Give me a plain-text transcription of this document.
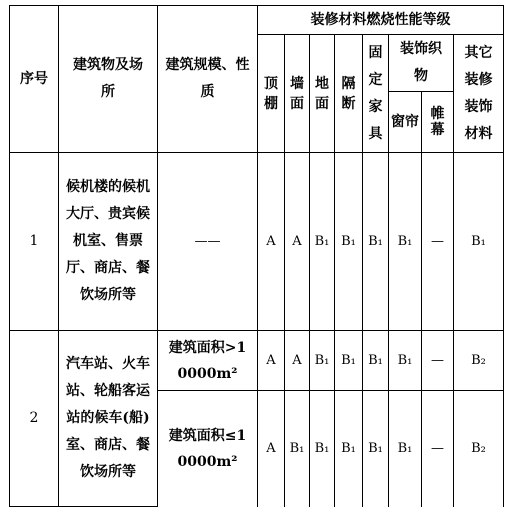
序号	建筑物及场所	建筑规模、性质	装修材料燃烧性能等级							

			顶棚	墙面	地面	隔断	固定家具	装饰织物		其它装修装饰材料

								窗帘	帷幕	

1	候机楼的候机大厅、贵宾候机室、售票厅、商店、餐饮场所等	——	A	A	B₁	B₁	B₁	B₁	—	B₁
2	汽车站、火车站、轮船客运站的候车(船)室、商店、餐饮场所等	建筑面积>10000m²	A	A	B₁	B₁	B₁	B₁	—	B₂

		建筑面积≤10000m²	A	B₁	B₁	B₁	B₁	B₁	—	B₂
